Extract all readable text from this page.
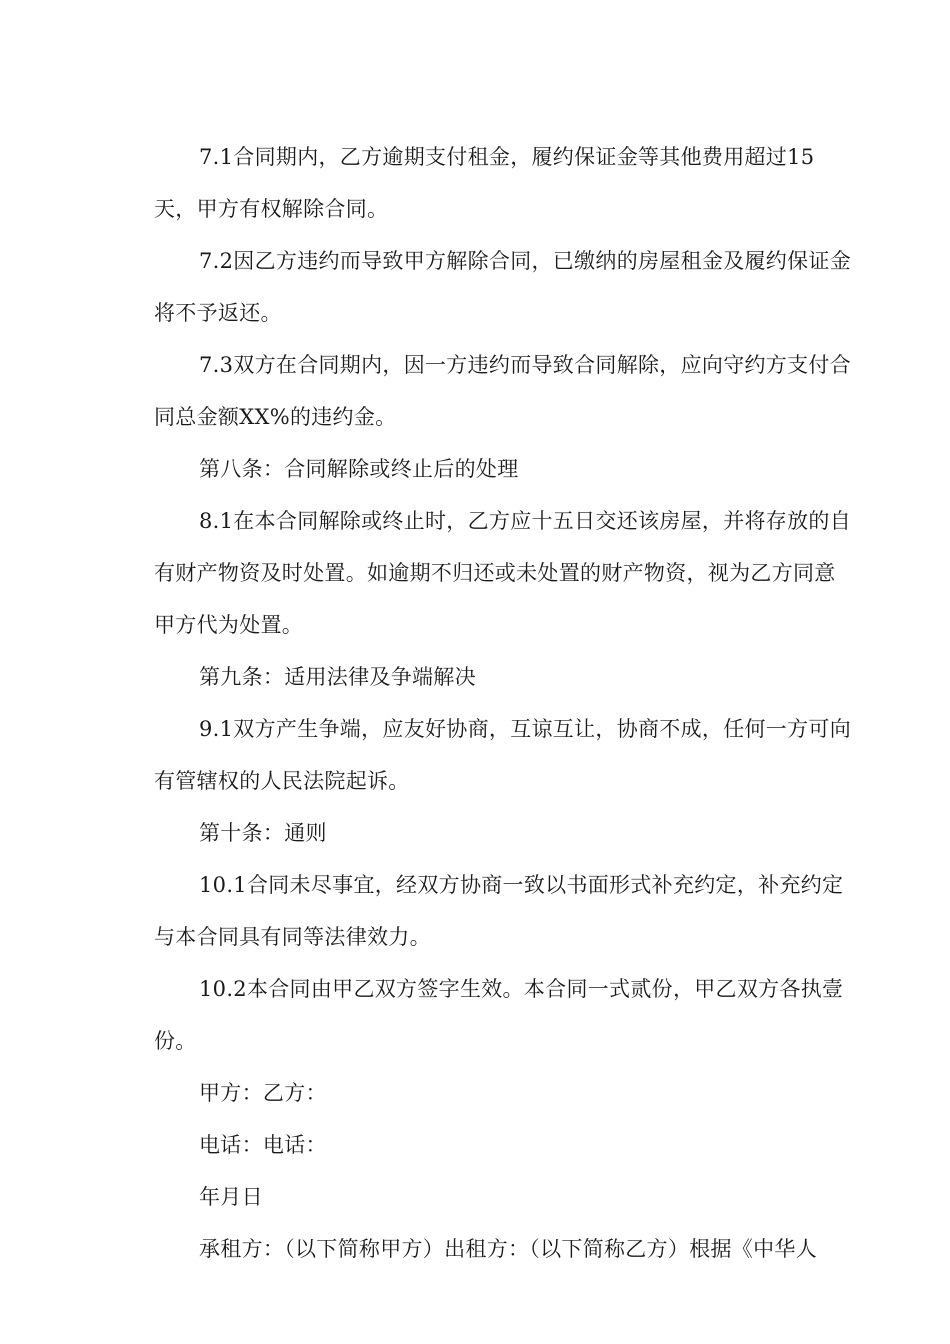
7.1合同期内，乙方逾期支付租金，履约保证金等其他费用超过15
天，甲方有权解除合同。
7.2因乙方违约而导致甲方解除合同，已缴纳的房屋租金及履约保证金
将不予返还。
7.3双方在合同期内，因一方违约而导致合同解除，应向守约方支付合
同总金额XX%的违约金。
第八条：合同解除或终止后的处理
8.1在本合同解除或终止时，乙方应十五日交还该房屋，并将存放的自
有财产物资及时处置。如逾期不归还或未处置的财产物资，视为乙方同意
甲方代为处置。
第九条：适用法律及争端解决
9.1双方产生争端，应友好协商，互谅互让，协商不成，任何一方可向
有管辖权的人民法院起诉。
第十条：通则
10.1合同未尽事宜，经双方协商一致以书面形式补充约定，补充约定
与本合同具有同等法律效力。
10.2本合同由甲乙双方签字生效。本合同一式贰份，甲乙双方各执壹
份。
甲方：乙方：
电话：电话：
年月日
承租方：（以下简称甲方）出租方：（以下简称乙方）根据《中华人
